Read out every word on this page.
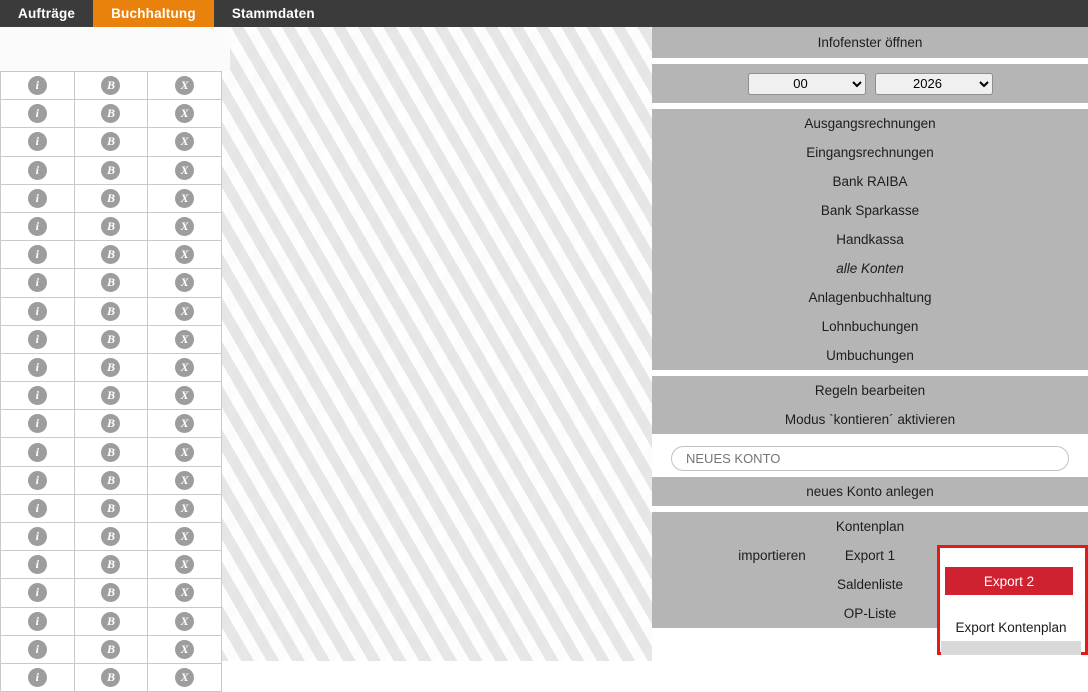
Aufträge	Buchhaltung	Stammdaten
i	B	X
i	B	X
i	B	X
i	B	X
i	B	X
i	B	X
i	B	X
i	B	X
i	B	X
i	B	X
i	B	X
i	B	X
i	B	X
i	B	X
i	B	X
i	B	X
i	B	X
i	B	X
i	B	X
i	B	X
i	B	X
i	B	X
Infofenster öffnen
00
2026
Ausgangsrechnungen
Eingangsrechnungen
Bank RAIBA
Bank Sparkasse
Handkassa
alle Konten
Anlagenbuchhaltung
Lohnbuchungen
Umbuchungen
Regeln bearbeiten
Modus `kontieren´ aktivieren
NEUES KONTO
neues Konto anlegen
Kontenplan
Export 1
Saldenliste
OP-Liste
importieren
Export 2
Export Kontenplan
